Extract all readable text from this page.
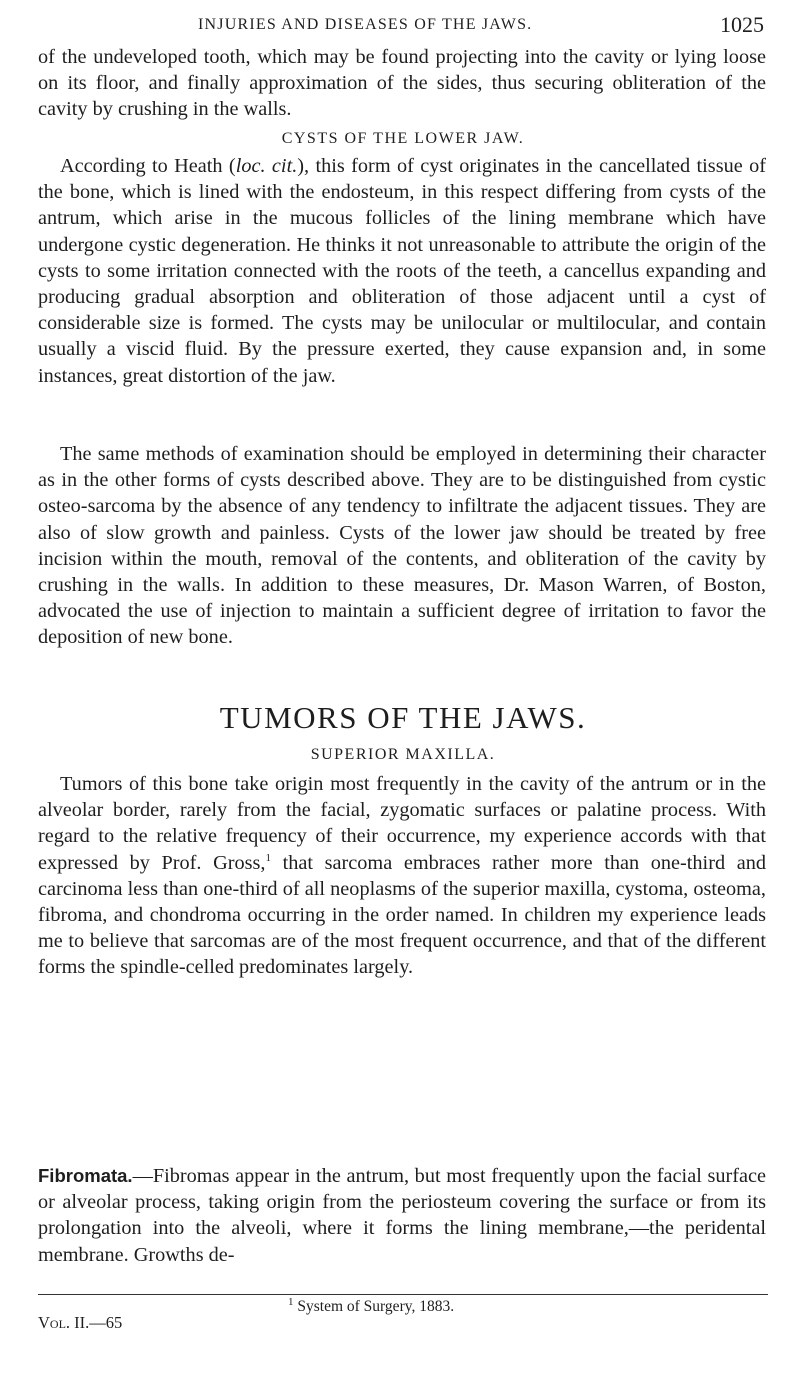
INJURIES AND DISEASES OF THE JAWS.	1025

of the undeveloped tooth, which may be found projecting into the cavity or lying loose on its floor, and finally approximation of the sides, thus securing obliteration of the cavity by crushing in the walls.

CYSTS OF THE LOWER JAW.

According to Heath (loc. cit.), this form of cyst originates in the cancellated tissue of the bone, which is lined with the endosteum, in this respect differing from cysts of the antrum, which arise in the mucous follicles of the lining membrane which have undergone cystic degeneration. He thinks it not unreasonable to attribute the origin of the cysts to some irritation connected with the roots of the teeth, a cancellus expanding and producing gradual absorption and obliteration of those adjacent until a cyst of considerable size is formed. The cysts may be unilocular or multilocular, and contain usually a viscid fluid. By the pressure exerted, they cause expansion and, in some instances, great distortion of the jaw.

The same methods of examination should be employed in determining their character as in the other forms of cysts described above. They are to be distinguished from cystic osteo-sarcoma by the absence of any tendency to infiltrate the adjacent tissues. They are also of slow growth and painless. Cysts of the lower jaw should be treated by free incision within the mouth, removal of the contents, and obliteration of the cavity by crushing in the walls. In addition to these measures, Dr. Mason Warren, of Boston, advocated the use of injection to maintain a sufficient degree of irritation to favor the deposition of new bone.

TUMORS OF THE JAWS.

SUPERIOR MAXILLA.

Tumors of this bone take origin most frequently in the cavity of the antrum or in the alveolar border, rarely from the facial, zygomatic surfaces or palatine process. With regard to the relative frequency of their occurrence, my experience accords with that expressed by Prof. Gross,$^1$ that sarcoma embraces rather more than one-third and carcinoma less than one-third of all neoplasms of the superior maxilla, cystoma, osteoma, fibroma, and chondroma occurring in the order named. In children my experience leads me to believe that sarcomas are of the most frequent occurrence, and that of the different forms the spindle-celled predominates largely.

Fibromata.—Fibromas appear in the antrum, but most frequently upon the facial surface or alveolar process, taking origin from the periosteum covering the surface or from its prolongation into the alveoli, where it forms the lining membrane,—the peridental membrane. Growths de-

$^1$ System of Surgery, 1883.
Vol. II.—65
